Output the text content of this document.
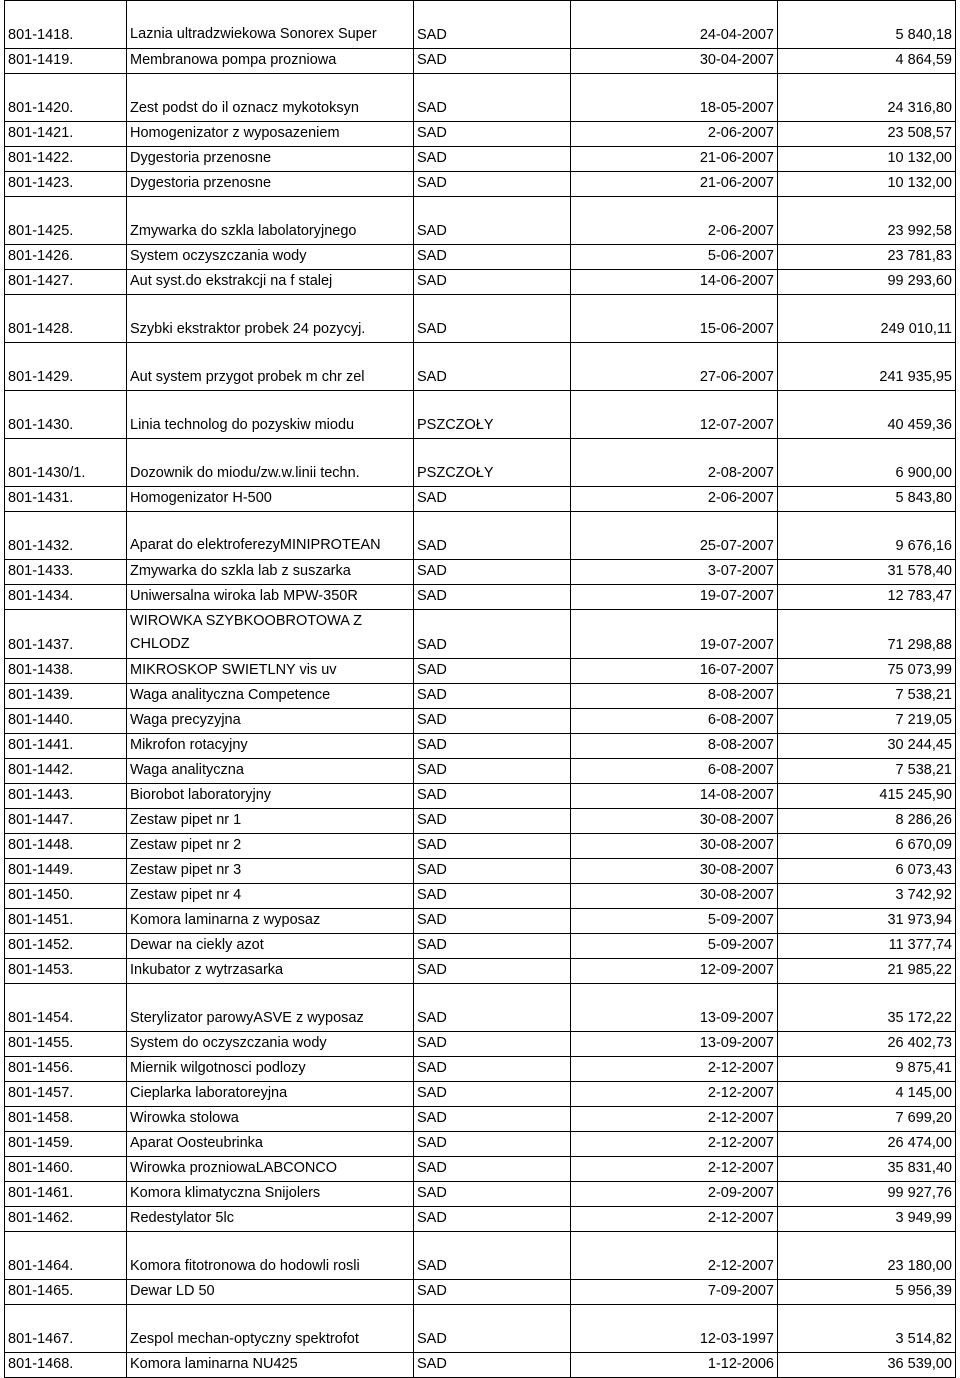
801-1418.	Laznia ultradzwiekowa Sonorex Super	SAD	24-04-2007	5 840,18
801-1419.	Membranowa pompa prozniowa	SAD	30-04-2007	4 864,59
801-1420.	Zest podst do il oznacz mykotoksyn	SAD	18-05-2007	24 316,80
801-1421.	Homogenizator z wyposazeniem	SAD	2-06-2007	23 508,57
801-1422.	Dygestoria przenosne	SAD	21-06-2007	10 132,00
801-1423.	Dygestoria przenosne	SAD	21-06-2007	10 132,00
801-1425.	Zmywarka do szkla labolatoryjnego	SAD	2-06-2007	23 992,58
801-1426.	System oczyszczania wody	SAD	5-06-2007	23 781,83
801-1427.	Aut syst.do ekstrakcji na f stalej	SAD	14-06-2007	99 293,60
801-1428.	Szybki ekstraktor probek 24 pozycyj.	SAD	15-06-2007	249 010,11
801-1429.	Aut system przygot probek m chr zel	SAD	27-06-2007	241 935,95
801-1430.	Linia technolog do pozyskiw miodu	PSZCZOŁY	12-07-2007	40 459,36
801-1430/1.	Dozownik do miodu/zw.w.linii techn.	PSZCZOŁY	2-08-2007	6 900,00
801-1431.	Homogenizator H-500	SAD	2-06-2007	5 843,80
801-1432.	Aparat do elektroferezyMINIPROTEAN	SAD	25-07-2007	9 676,16
801-1433.	Zmywarka do szkla lab z suszarka	SAD	3-07-2007	31 578,40
801-1434.	Uniwersalna wiroka lab MPW-350R	SAD	19-07-2007	12 783,47
801-1437.	WIROWKA SZYBKOOBROTOWA Z CHLODZ	SAD	19-07-2007	71 298,88
801-1438.	MIKROSKOP SWIETLNY vis uv	SAD	16-07-2007	75 073,99
801-1439.	Waga analityczna Competence	SAD	8-08-2007	7 538,21
801-1440.	Waga precyzyjna	SAD	6-08-2007	7 219,05
801-1441.	Mikrofon rotacyjny	SAD	8-08-2007	30 244,45
801-1442.	Waga analityczna	SAD	6-08-2007	7 538,21
801-1443.	Biorobot laboratoryjny	SAD	14-08-2007	415 245,90
801-1447.	Zestaw pipet nr 1	SAD	30-08-2007	8 286,26
801-1448.	Zestaw pipet nr 2	SAD	30-08-2007	6 670,09
801-1449.	Zestaw pipet nr 3	SAD	30-08-2007	6 073,43
801-1450.	Zestaw pipet nr 4	SAD	30-08-2007	3 742,92
801-1451.	Komora laminarna z wyposaz	SAD	5-09-2007	31 973,94
801-1452.	Dewar na ciekly azot	SAD	5-09-2007	11 377,74
801-1453.	Inkubator z wytrzasarka	SAD	12-09-2007	21 985,22
801-1454.	Sterylizator parowyASVE z wyposaz	SAD	13-09-2007	35 172,22
801-1455.	System do oczyszczania wody	SAD	13-09-2007	26 402,73
801-1456.	Miernik wilgotnosci podlozy	SAD	2-12-2007	9 875,41
801-1457.	Cieplarka laboratoreyjna	SAD	2-12-2007	4 145,00
801-1458.	Wirowka stolowa	SAD	2-12-2007	7 699,20
801-1459.	Aparat Oosteubrinka	SAD	2-12-2007	26 474,00
801-1460.	Wirowka prozniowaLABCONCO	SAD	2-12-2007	35 831,40
801-1461.	Komora klimatyczna Snijolers	SAD	2-09-2007	99 927,76
801-1462.	Redestylator 5lc	SAD	2-12-2007	3 949,99
801-1464.	Komora fitotronowa do hodowli rosli	SAD	2-12-2007	23 180,00
801-1465.	Dewar LD 50	SAD	7-09-2007	5 956,39
801-1467.	Zespol mechan-optyczny spektrofot	SAD	12-03-1997	3 514,82
801-1468.	Komora laminarna NU425	SAD	1-12-2006	36 539,00
